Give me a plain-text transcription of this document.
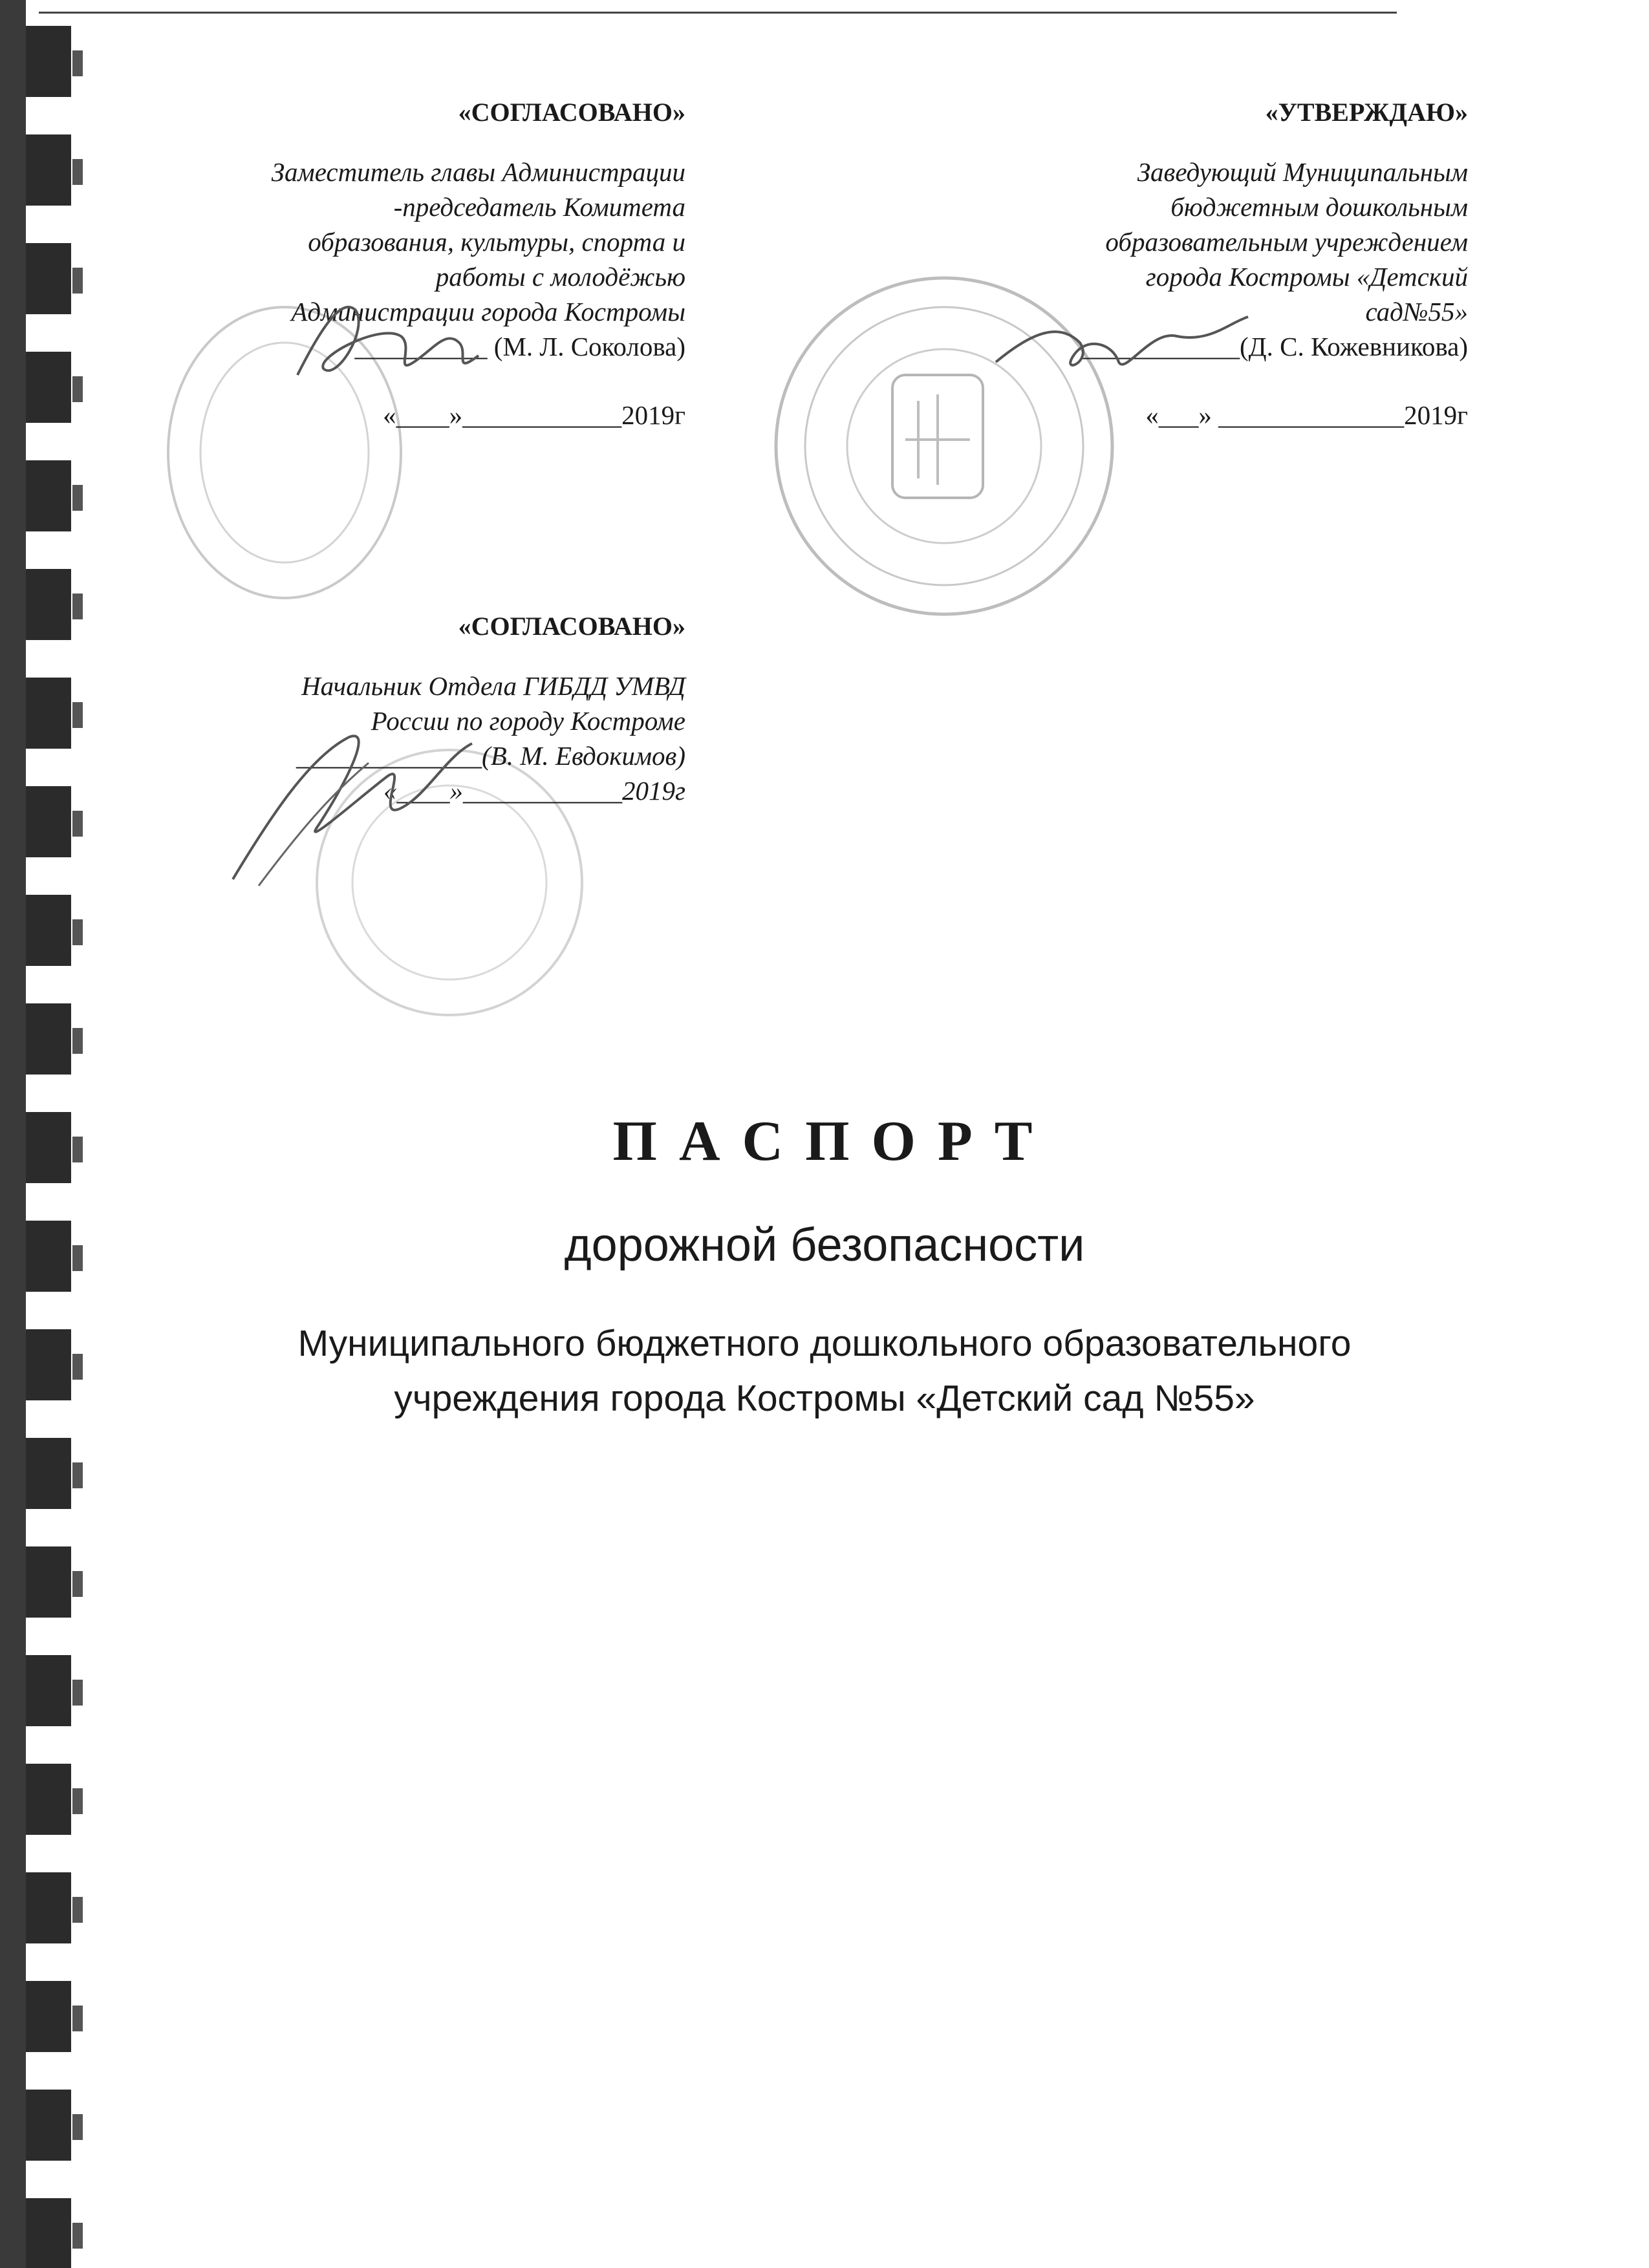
«СОГЛАСОВАНО»
Заместитель главы Администрации
-председатель Комитета
образования, культуры, спорта и
работы с молодёжью
Администрации города Костромы
__________ (М. Л. Соколова)
«____»____________2019г
«УТВЕРЖДАЮ»
Заведующий Муниципальным
бюджетным дошкольным
образовательным учреждением
города Костромы «Детский
сад№55»
____________(Д. С. Кожевникова)
«___» ______________2019г
«СОГЛАСОВАНО»
Начальник Отдела ГИБДД УМВД
России по городу Костроме
______________(В. М. Евдокимов)
«____»____________2019г
П А С П О Р Т
дорожной безопасности
Муниципального бюджетного дошкольного образовательного
учреждения города Костромы «Детский сад №55»
